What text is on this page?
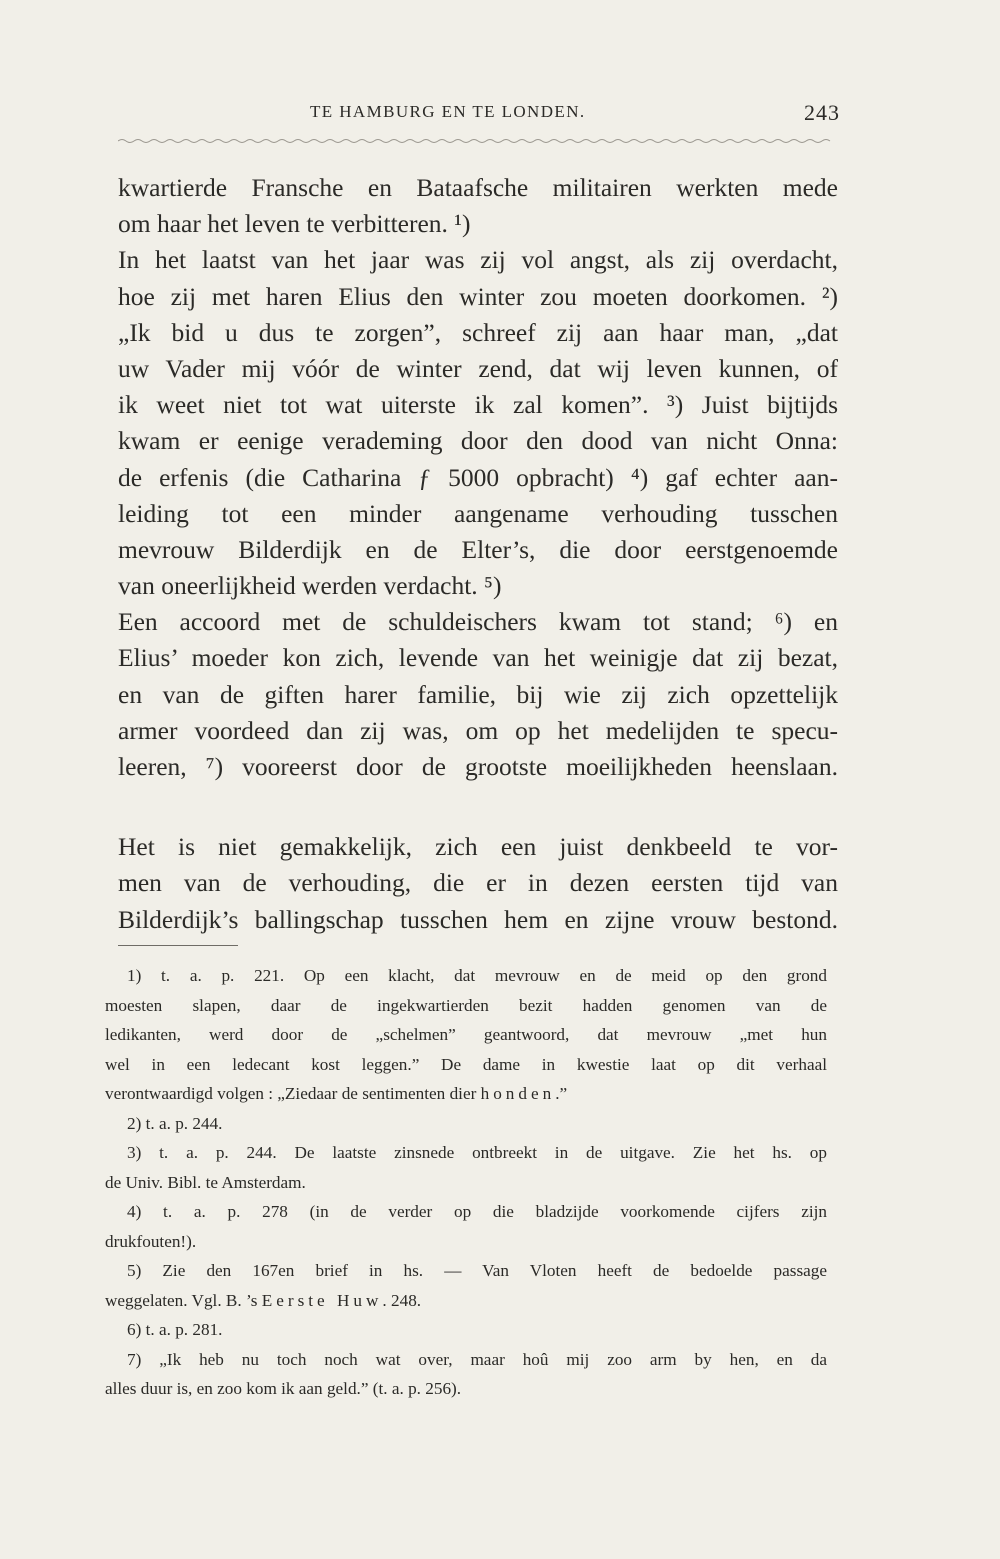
TE HAMBURG EN TE LONDEN.	243
kwartierde Fransche en Bataafsche militairen werkten mede
om haar het leven te verbitteren. ¹)
In het laatst van het jaar was zij vol angst, als zij overdacht,
hoe zij met haren Elius den winter zou moeten doorkomen. ²)
„Ik bid u dus te zorgen”, schreef zij aan haar man, „dat
uw Vader mij vóór de winter zend, dat wij leven kunnen, of
ik weet niet tot wat uiterste ik zal komen”. ³) Juist bijtijds
kwam er eenige verademing door den dood van nicht Onna:
de erfenis (die Catharina ƒ 5000 opbracht) ⁴) gaf echter aan-
leiding tot een minder aangename verhouding tusschen
mevrouw Bilderdijk en de Elter’s, die door eerstgenoemde
van oneerlijkheid werden verdacht. ⁵)
Een accoord met de schuldeischers kwam tot stand; ⁶) en
Elius’ moeder kon zich, levende van het weinigje dat zij bezat,
en van de giften harer familie, bij wie zij zich opzettelijk
armer voordeed dan zij was, om op het medelijden te specu-
leeren, ⁷) vooreerst door de grootste moeilijkheden heenslaan.
Het is niet gemakkelijk, zich een juist denkbeeld te vor-
men van de verhouding, die er in dezen eersten tijd van
Bilderdijk’s ballingschap tusschen hem en zijne vrouw bestond.
1) t. a. p. 221. Op een klacht, dat mevrouw en de meid op den grond
moesten slapen, daar de ingekwartierden bezit hadden genomen van de
ledikanten, werd door de „schelmen” geantwoord, dat mevrouw „met hun
wel in een ledecant kost leggen.” De dame in kwestie laat op dit verhaal
verontwaardigd volgen : „Ziedaar de sentimenten dier honden.”
2) t. a. p. 244.
3) t. a. p. 244. De laatste zinsnede ontbreekt in de uitgave. Zie het hs. op
de Univ. Bibl. te Amsterdam.
4) t. a. p. 278 (in de verder op die bladzijde voorkomende cijfers zijn
drukfouten!).
5) Zie den 167en brief in hs. — Van Vloten heeft de bedoelde passage
weggelaten. Vgl. B. ’s Eerste Huw. 248.
6) t. a. p. 281.
7) „Ik heb nu toch noch wat over, maar hoû mij zoo arm by hen, en da
alles duur is, en zoo kom ik aan geld.” (t. a. p. 256).
